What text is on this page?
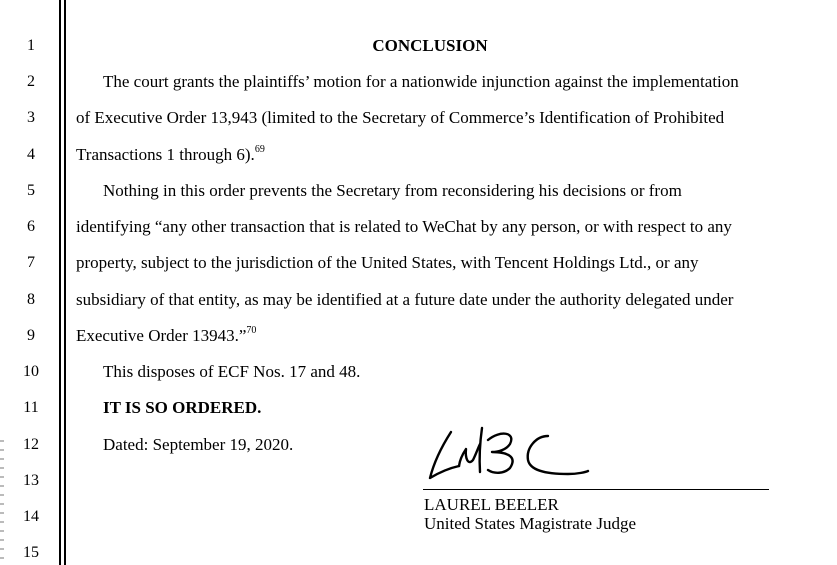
1
2
3
4
5
6
7
8
9
10
11
12
13
14
15
CONCLUSION
The court grants the plaintiffs’ motion for a nationwide injunction against the implementation
of Executive Order 13,943 (limited to the Secretary of Commerce’s Identification of Prohibited
Transactions 1 through 6).$^{69}$
Nothing in this order prevents the Secretary from reconsidering his decisions or from
identifying “any other transaction that is related to WeChat by any person, or with respect to any
property, subject to the jurisdiction of the United States, with Tencent Holdings Ltd., or any
subsidiary of that entity, as may be identified at a future date under the authority delegated under
Executive Order 13943.”$^{70}$
This disposes of ECF Nos. 17 and 48.
IT IS SO ORDERED.
Dated: September 19, 2020.
LAUREL BEELER
United States Magistrate Judge
